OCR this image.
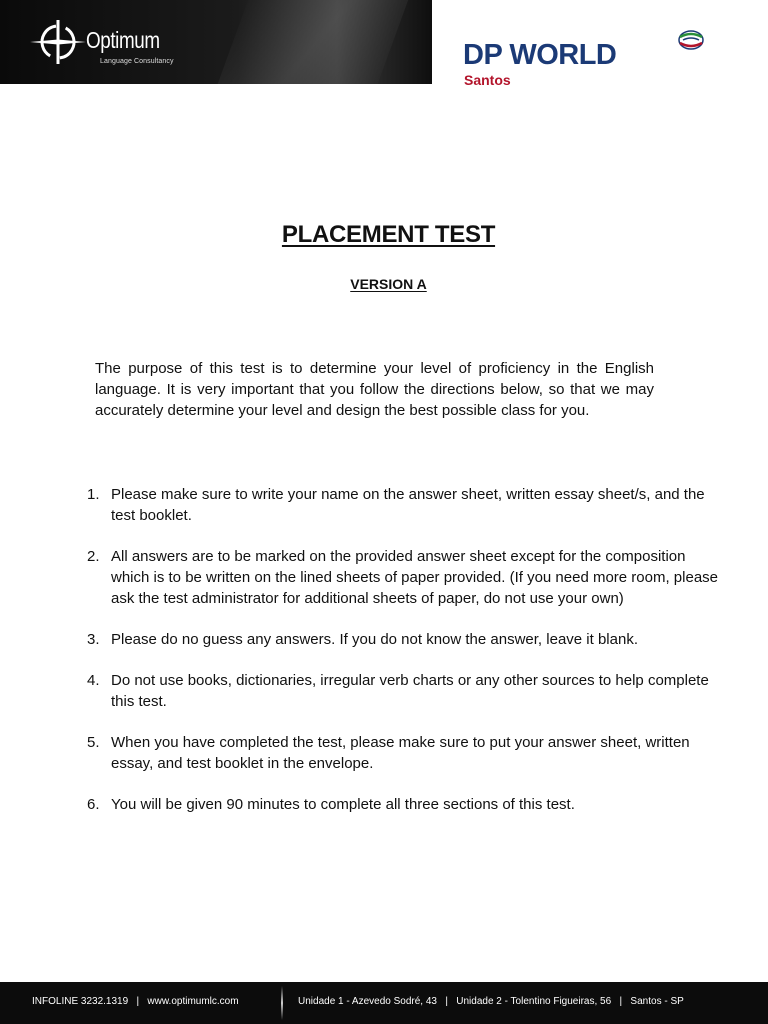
Optimum
Language Consultancy	DP WORLD
Santos
PLACEMENT TEST
VERSION A

The purpose of this test is to determine your level of proficiency in the English language. It is very important that you follow the directions below, so that we may accurately determine your level and design the best possible class for you.

1. Please make sure to write your name on the answer sheet, written essay sheet/s, and the test booklet.
2. All answers are to be marked on the provided answer sheet except for the composition which is to be written on the lined sheets of paper provided. (If you need more room, please ask the test administrator for additional sheets of paper, do not use your own)
3. Please do no guess any answers. If you do not know the answer, leave it blank.
4. Do not use books, dictionaries, irregular verb charts or any other sources to help complete this test.
5. When you have completed the test, please make sure to put your answer sheet, written essay, and test booklet in the envelope.
6. You will be given 90 minutes to complete all three sections of this test.
INFOLINE 3232.1319   |   www.optimumlc.com	Unidade 1 - Azevedo Sodré, 43   |   Unidade 2 - Tolentino Figueiras, 56   |   Santos - SP
